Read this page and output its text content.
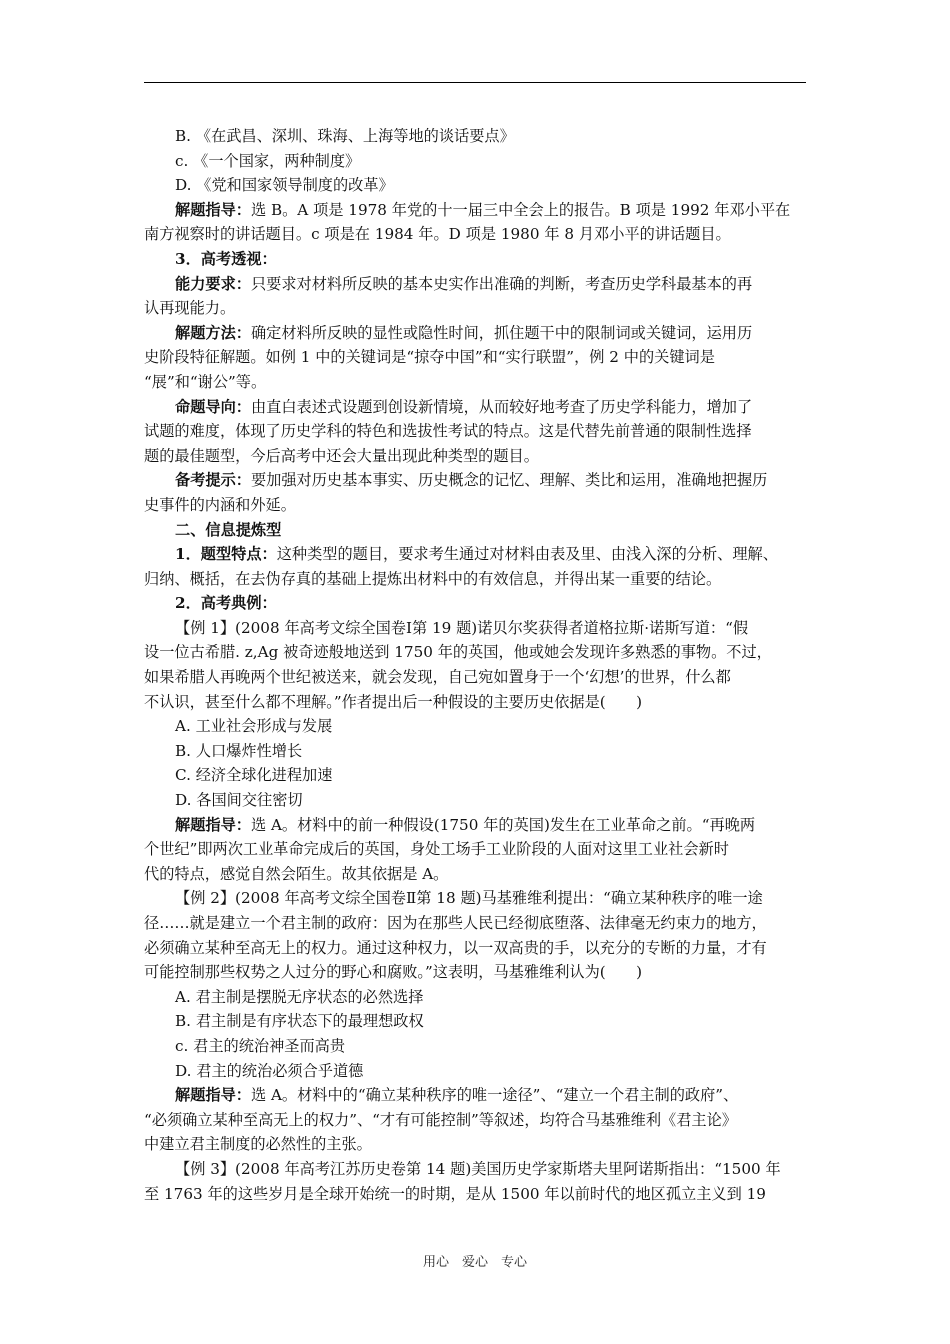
B. 《在武昌、深圳、珠海、上海等地的谈话要点》
c. 《一个国家，两种制度》
D. 《党和国家领导制度的改革》
解题指导：选 B。A 项是 1978 年党的十一届三中全会上的报告。B 项是 1992 年邓小平在
南方视察时的讲话题目。c 项是在 1984 年。D 项是 1980 年 8 月邓小平的讲话题目。
3．高考透视：
能力要求：只要求对材料所反映的基本史实作出准确的判断，考查历史学科最基本的再
认再现能力。
解题方法：确定材料所反映的显性或隐性时间，抓住题干中的限制词或关键词，运用历
史阶段特征解题。如例 1 中的关键词是“掠夺中国”和“实行联盟”，例 2 中的关键词是
“展”和“谢公”等。
命题导向：由直白表述式设题到创设新情境，从而较好地考查了历史学科能力，增加了
试题的难度，体现了历史学科的特色和选拔性考试的特点。这是代替先前普通的限制性选择
题的最佳题型，今后高考中还会大量出现此种类型的题目。
备考提示：要加强对历史基本事实、历史概念的记忆、理解、类比和运用，准确地把握历
史事件的内涵和外延。
二、信息提炼型
1．题型特点：这种类型的题目，要求考生通过对材料由表及里、由浅入深的分析、理解、
归纳、概括，在去伪存真的基础上提炼出材料中的有效信息，并得出某一重要的结论。
2．高考典例：
【例 1】(2008 年高考文综全国卷Ⅰ第 19 题)诺贝尔奖获得者道格拉斯·诺斯写道：“假
设一位古希腊. z,Ag 被奇迹般地送到 1750 年的英国，他或她会发现许多熟悉的事物。不过，
如果希腊人再晚两个世纪被送来，就会发现，自己宛如置身于一个‘幻想’的世界，什么都
不认识，甚至什么都不理解。”作者提出后一种假设的主要历史依据是(　　)
A. 工业社会形成与发展
B. 人口爆炸性增长
C. 经济全球化进程加速
D. 各国间交往密切
解题指导：选 A。材料中的前一种假设(1750 年的英国)发生在工业革命之前。“再晚两
个世纪”即两次工业革命完成后的英国，身处工场手工业阶段的人面对这里工业社会新时
代的特点，感觉自然会陌生。故其依据是 A。
【例 2】(2008 年高考文综全国卷Ⅱ第 18 题)马基雅维利提出：“确立某种秩序的唯一途
径……就是建立一个君主制的政府：因为在那些人民已经彻底堕落、法律毫无约束力的地方，
必须确立某种至高无上的权力。通过这种权力，以一双高贵的手，以充分的专断的力量，才有
可能控制那些权势之人过分的野心和腐败。”这表明，马基雅维利认为(　　)
A. 君主制是摆脱无序状态的必然选择
B. 君主制是有序状态下的最理想政权
c. 君主的统治神圣而高贵
D. 君主的统治必须合乎道德
解题指导：选 A。材料中的“确立某种秩序的唯一途径”、“建立一个君主制的政府”、
“必须确立某种至高无上的权力”、“才有可能控制”等叙述，均符合马基雅维利《君主论》
中建立君主制度的必然性的主张。
【例 3】(2008 年高考江苏历史卷第 14 题)美国历史学家斯塔夫里阿诺斯指出：“1500 年
至 1763 年的这些岁月是全球开始统一的时期，是从 1500 年以前时代的地区孤立主义到 19
用心　爱心　专心
